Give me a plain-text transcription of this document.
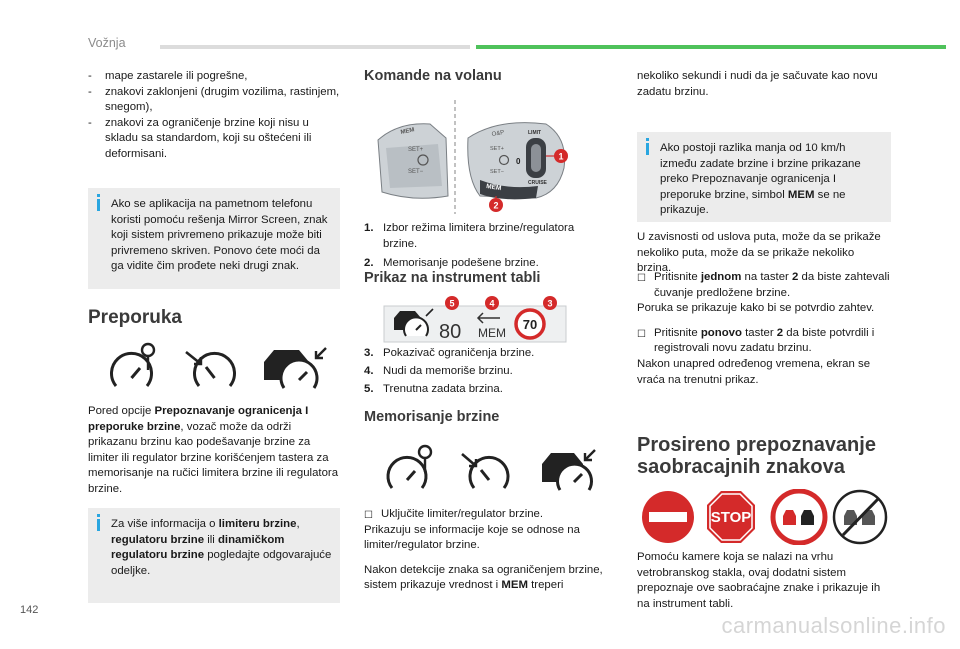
Vožnja
- mape zastarele ili pogrešne,
- znakovi zaklonjeni (drugim vozilima, rastinjem, snegom),
- znakovi za ograničenje brzine koji nisu u skladu sa standardom, koji su oštećeni ili deformisani.
Ako se aplikacija na pametnom telefonu koristi pomoću rešenja Mirror Screen, znak koji sistem privremeno prikazuje može biti privremeno skriven. Ponovo ćete moći da ga vidite čim prođete neki drugi znak.
Preporuka
Pored opcije Prepoznavanje ogranicenja I preporuke brzine, vozač može da održi prikazanu brzinu kao podešavanje brzine za limiter ili regulator brzine korišćenjem tastera za memorisanje na ručici limitera brzine ili regulatora brzine.
Za više informacija o limiteru brzine, regulatoru brzine ili dinamičkom regulatoru brzine pogledajte odgovarajuće odeljke.
Komande na volanu
MEM
SET+
SET−
MEM
O&P
SET+
SET−
0
LIMIT
CRUISE
1
2
1. Izbor režima limitera brzine/regulatora brzine.
2. Memorisanje podešene brzine.
Prikaz na instrument tabli
80 MEM
70
5	4	3
3. Pokazivač ograničenja brzine.
4. Nudi da memoriše brzinu.
5. Trenutna zadata brzina.
Memorisanje brzine
☐ Uključite limiter/regulator brzine.
Prikazuju se informacije koje se odnose na limiter/regulator brzine.
Nakon detekcije znaka sa ograničenjem brzine, sistem prikazuje vrednost i MEM treperi
nekoliko sekundi i nudi da je sačuvate kao novu zadatu brzinu.
Ako postoji razlika manja od 10 km/h između zadate brzine i brzine prikazane preko Prepoznavanje ogranicenja I preporuke brzine, simbol MEM se ne prikazuje.
U zavisnosti od uslova puta, može da se prikaže nekoliko puta, može da se prikaže nekoliko brzina.
☐ Pritisnite jednom na taster 2 da biste zahtevali čuvanje predložene brzine.
Poruka se prikazuje kako bi se potvrdio zahtev.
☐ Pritisnite ponovo taster 2 da biste potvrdili i registrovali novu zadatu brzinu.
Nakon unapred određenog vremena, ekran se vraća na trenutni prikaz.
Prosireno prepoznavanje saobracajnih znakova
STOP
Pomoću kamere koja se nalazi na vrhu vetrobranskog stakla, ovaj dodatni sistem prepoznaje ove saobraćajne znake i prikazuje ih na instrument tabli.
142
carmanualsonline.info
